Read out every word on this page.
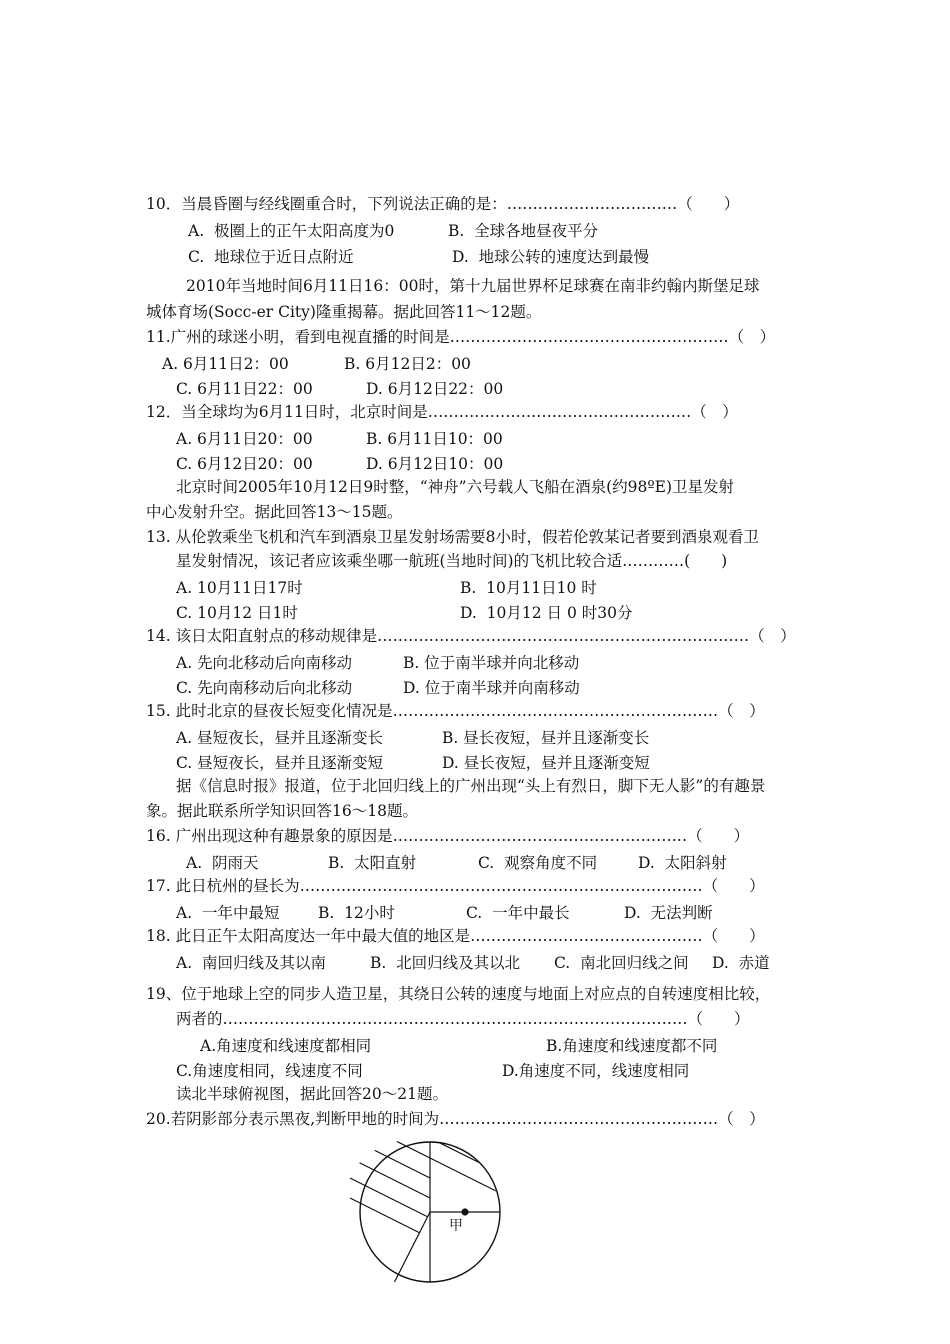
10．当晨昏圈与经线圈重合时，下列说法正确的是：……………………………（　　）

A.  极圈上的正午太阳高度为0

	B.  全球各地昼夜平分

C.  地球位于近日点附近

	D.  地球公转的速度达到最慢

2010年当地时间6月11日16：00时，第十九届世界杯足球赛在南非约翰内斯堡足球
城体育场(Socc-er City)隆重揭幕。据此回答11～12题。
11.广州的球迷小明，看到电视直播的时间是………………………………………………（　）

A. 6月11日2：00

	B. 6月12日2：00

C. 6月11日22：00

	D. 6月12日22：00

12．当全球均为6月11日时，北京时间是……………………………………………（　）

A. 6月11日20：00

	B. 6月11日10：00

C. 6月12日20：00

	D. 6月12日10：00

北京时间2005年10月12日9时整，“神舟”六号载人飞船在酒泉(约98ºE)卫星发射
中心发射升空。据此回答13～15题。
13. 从伦敦乘坐飞机和汽车到酒泉卫星发射场需要8小时，假若伦敦某记者要到酒泉观看卫
星发射情况，该记者应该乘坐哪一航班(当地时间)的飞机比较合适…………(　　)

A. 10月11日17时

	B.  10月11日10 时

C. 10月12 日1时

	D.  10月12 日 0 时30分

14. 该日太阳直射点的移动规律是………………………………………………………………（　）

A. 先向北移动后向南移动

	B. 位于南半球并向北移动

C. 先向南移动后向北移动

	D. 位于南半球并向南移动

15. 此时北京的昼夜长短变化情况是………………………………………………………（　）

A. 昼短夜长，昼并且逐渐变长

	B. 昼长夜短，昼并且逐渐变长

C. 昼短夜长，昼并且逐渐变短

	D. 昼长夜短，昼并且逐渐变短

据《信息时报》报道，位于北回归线上的广州出现“头上有烈日，脚下无人影”的有趣景
象。据此联系所学知识回答16～18题。
16. 广州出现这种有趣景象的原因是…………………………………………………（　　）

A.  阴雨天

	B.  太阳直射

	C.  观察角度不同

	D.  太阳斜射

17. 此日杭州的昼长为……………………………………………………………………（　　）

A.  一年中最短

B.  12小时

	C.  一年中最长

	D.  无法判断

18. 此日正午太阳高度达一年中最大值的地区是………………………………………（　　）

A.  南回归线及其以南

	B.  北回归线及其以北

C.  南北回归线之间

D.  赤道

19、位于地球上空的同步人造卫星，其绕日公转的速度与地面上对应点的自转速度相比较，
两者的………………………………………………………………………………（　　）

A.角速度和线速度都相同

	B.角速度和线速度都不同

C.角速度相同，线速度不同

	D.角速度不同，线速度相同

读北半球俯视图，据此回答20～21题。
20.若阴影部分表示黑夜,判断甲地的时间为………………………………………………（　）
甲
